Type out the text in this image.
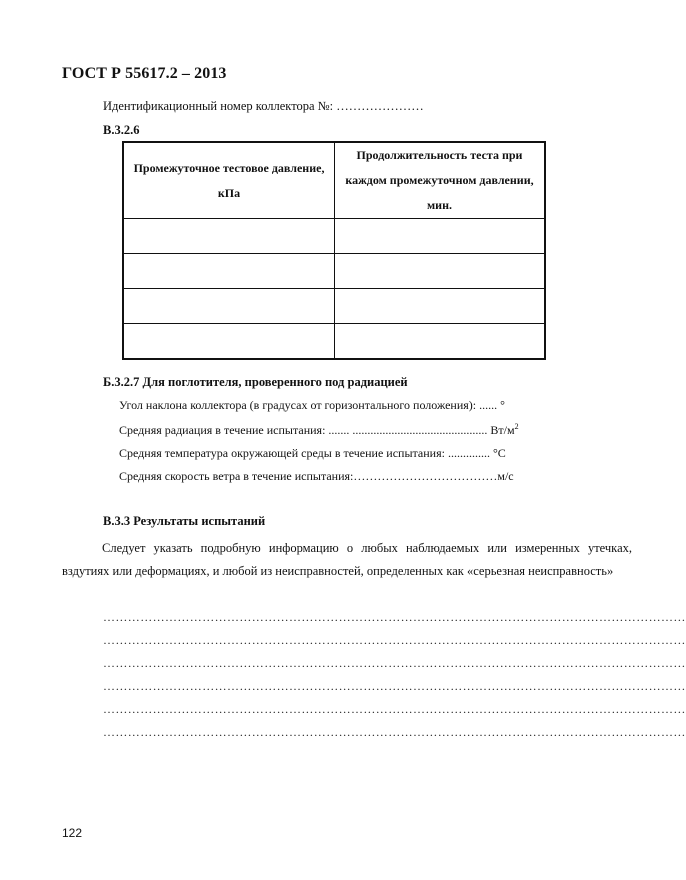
ГОСТ Р 55617.2 – 2013

Идентификационный номер коллектора №: …………………

В.3.2.6

Промежуточное тестовое давление, кПа	Продолжительность теста при каждом промежуточном давлении, мин.

Б.3.2.7 Для поглотителя, проверенного под радиацией

Угол наклона коллектора (в градусах от горизонтального положения): ...... °

Средняя радиация в течение испытания: ....... ............................................. $Вт/м^2$

Средняя температура окружающей среды в течение испытания: .............. °С

Средняя скорость ветра в течение испытания:………………………………м/с

В.3.3 Результаты испытаний

Следует указать подробную информацию о любых наблюдаемых или измеренных утечках, вздутиях или деформациях, и любой из неисправностей, определенных как «серьезная неисправность»

……………………………………………………………………………………………………………………………

……………………………………………………………………………………………………………………………

……………………………………………………………………………………………………………………………

……………………………………………………………………………………………………………………………

……………………………………………………………………………………………………………………………

……………………………………………………………………………………………………………………………

122
